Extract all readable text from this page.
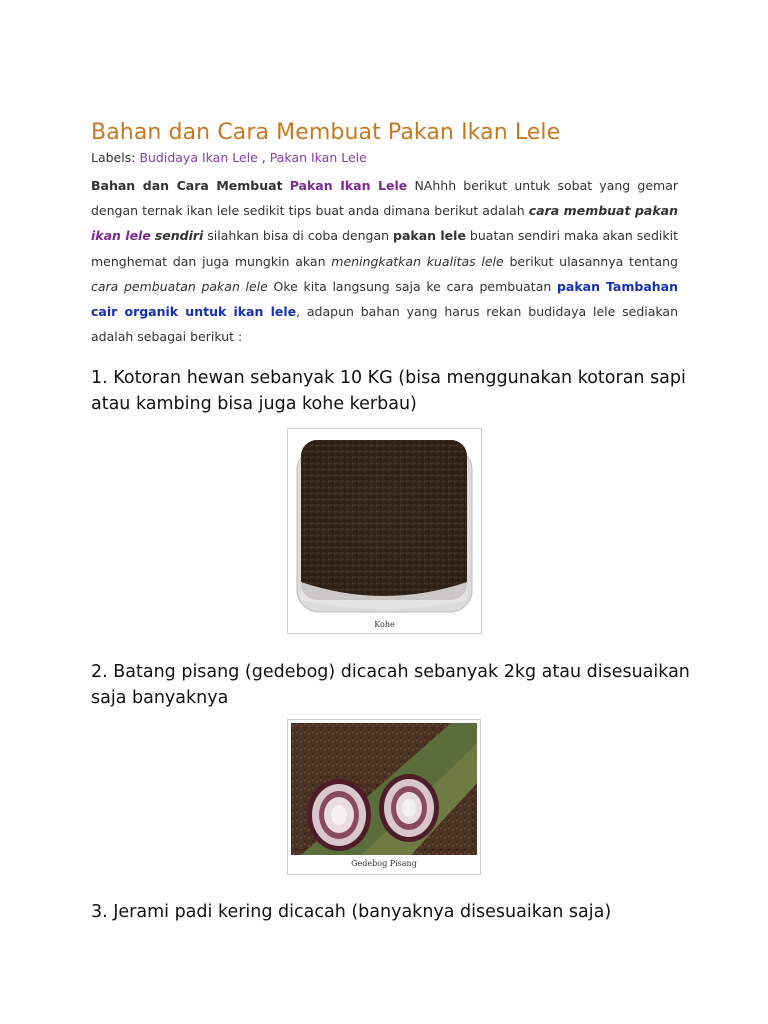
Bahan dan Cara Membuat Pakan Ikan Lele
Labels: Budidaya Ikan Lele , Pakan Ikan Lele
Bahan dan Cara Membuat Pakan Ikan Lele NAhhh berikut untuk sobat yang gemar dengan ternak ikan lele sedikit tips buat anda dimana berikut adalah cara membuat pakan ikan lele sendiri silahkan bisa di coba dengan pakan lele buatan sendiri maka akan sedikit menghemat dan juga mungkin akan meningkatkan kualitas lele berikut ulasannya tentang cara pembuatan pakan lele Oke kita langsung saja ke cara pembuatan pakan Tambahan cair organik untuk ikan lele, adapun bahan yang harus rekan budidaya lele sediakan adalah sebagai berikut :

1. Kotoran hewan sebanyak 10 KG (bisa menggunakan kotoran sapi atau kambing bisa juga kohe kerbau)

Kohe

2. Batang pisang (gedebog) dicacah sebanyak 2kg atau disesuaikan saja banyaknya

Gedebog Pisang

3. Jerami padi kering dicacah (banyaknya disesuaikan saja)
